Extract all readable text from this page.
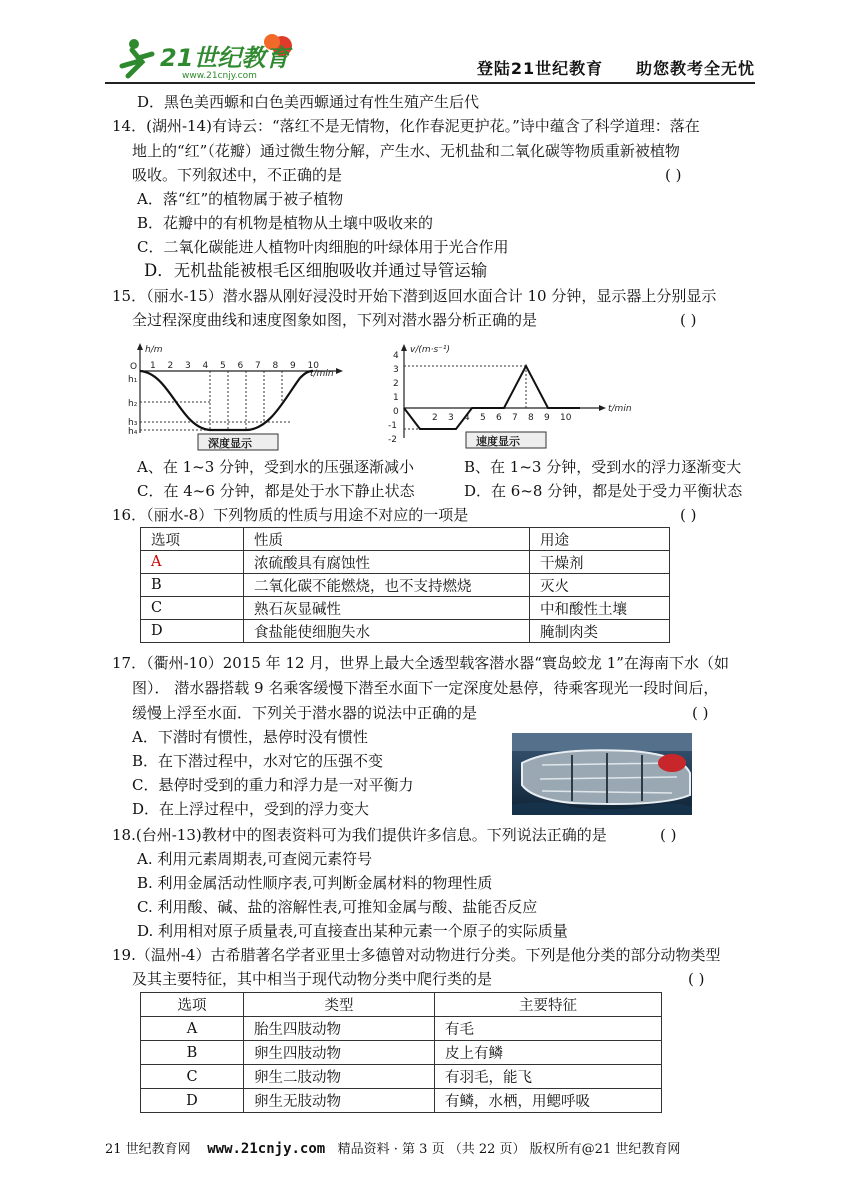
21世纪教育
www.21cnjy.com	登陆21世纪教育 助您教考全无忧
D．黑色美西螈和白色美西螈通过有性生殖产生后代
14．(湖州-14)有诗云：“落红不是无情物，化作春泥更护花。”诗中蕴含了科学道理：落在
地上的“红”（花瓣）通过微生物分解，产生水、无机盐和二氧化碳等物质重新被植物
吸收。下列叙述中，不正确的是	( )
A．落“红”的植物属于被子植物
B．花瓣中的有机物是植物从土壤中吸收来的
C．二氧化碳能进人植物叶肉细胞的叶绿体用于光合作用
D．无机盐能被根毛区细胞吸收并通过导管运输
15．（丽水-15）潜水器从刚好浸没时开始下潜到返回水面合计 10 分钟，显示器上分别显示
全过程深度曲线和速度图象如图，下列对潜水器分析正确的是	( )
h/m
t/min
O
h₁
h₂
h₃
h₄
1 2 3 4 5 6 7 8 9 10
深度显示
v/(m·s⁻¹)
t/min
4
3
2
1
0
-1
-2
2 3 4 5 6 7 8 9 10
速度显示
A、在 1~3 分钟，受到水的压强逐渐减小	B、在 1~3 分钟，受到水的浮力逐渐变大
C．在 4~6 分钟，都是处于水下静止状态	D．在 6~8 分钟，都是处于受力平衡状态
16．（丽水-8）下列物质的性质与用途不对应的一项是	( )
选项	性质	用途
A	浓硫酸具有腐蚀性	干燥剂
B	二氧化碳不能燃烧，也不支持燃烧	灭火
C	熟石灰显碱性	中和酸性土壤
D	食盐能使细胞失水	腌制肉类
17．（衢州-10）2015 年 12 月，世界上最大全透型载客潜水器“寰岛蛟龙 1”在海南下水（如
图）． 潜水器搭载 9 名乘客缓慢下潜至水面下一定深度处悬停，待乘客现光一段时间后，
缓慢上浮至水面．下列关于潜水器的说法中正确的是	( )
A．下潜时有惯性，悬停时没有惯性
B．在下潜过程中，水对它的压强不变
C．悬停时受到的重力和浮力是一对平衡力
D．在上浮过程中，受到的浮力变大
18.(台州-13)教材中的图表资料可为我们提供许多信息。下列说法正确的是	( )
A. 利用元素周期表,可查阅元素符号
B. 利用金属活动性顺序表,可判断金属材料的物理性质
C. 利用酸、碱、盐的溶解性表,可推知金属与酸、盐能否反应
D. 利用相对原子质量表,可直接查出某种元素一个原子的实际质量
19.（温州-4）古希腊著名学者亚里士多德曾对动物进行分类。下列是他分类的部分动物类型
及其主要特征，其中相当于现代动物分类中爬行类的是	( )
选项	类型	主要特征
A	胎生四肢动物	有毛
B	卵生四肢动物	皮上有鳞
C	卵生二肢动物	有羽毛，能飞
D	卵生无肢动物	有鳞，水栖，用鳃呼吸
21 世纪教育网 www.21cnjy.com 精品资料 · 第 3 页 （共 22 页） 版权所有@21 世纪教育网
